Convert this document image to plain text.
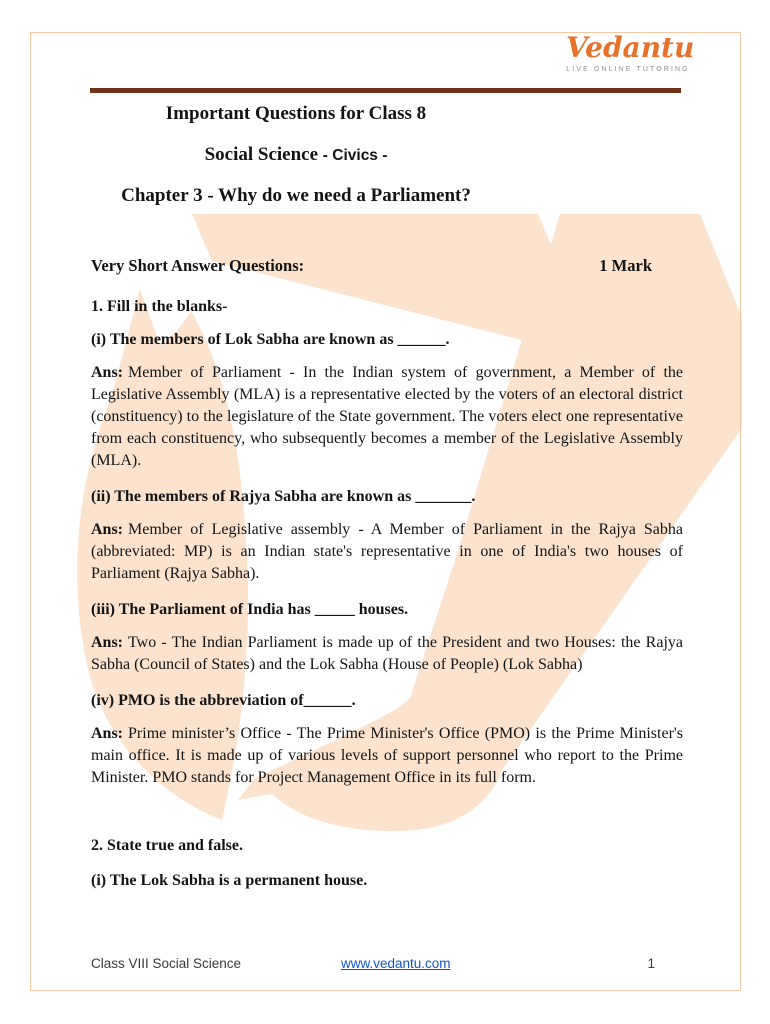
Vedantu
LIVE ONLINE TUTORING
Important Questions for Class 8
Social Science - Civics -
Chapter 3 - Why do we need a Parliament?
Very Short Answer Questions:	1 Mark

1. Fill in the blanks-

(i) The members of Lok Sabha are known as ______.

Ans: Member of Parliament - In the Indian system of government, a Member of the Legislative Assembly (MLA) is a representative elected by the voters of an electoral district (constituency) to the legislature of the State government. The voters elect one representative from each constituency, who subsequently becomes a member of the Legislative Assembly (MLA).

(ii) The members of Rajya Sabha are known as _______.

Ans: Member of Legislative assembly - A Member of Parliament in the Rajya Sabha (abbreviated: MP) is an Indian state's representative in one of India's two houses of Parliament (Rajya Sabha).

(iii) The Parliament of India has _____ houses.

Ans: Two - The Indian Parliament is made up of the President and two Houses: the Rajya Sabha (Council of States) and the Lok Sabha (House of People) (Lok Sabha)

(iv) PMO is the abbreviation of______.

Ans: Prime minister’s Office - The Prime Minister's Office (PMO) is the Prime Minister's main office. It is made up of various levels of support personnel who report to the Prime Minister. PMO stands for Project Management Office in its full form.

2. State true and false.

(i) The Lok Sabha is a permanent house.

Class VIII Social Science	www.vedantu.com	1
